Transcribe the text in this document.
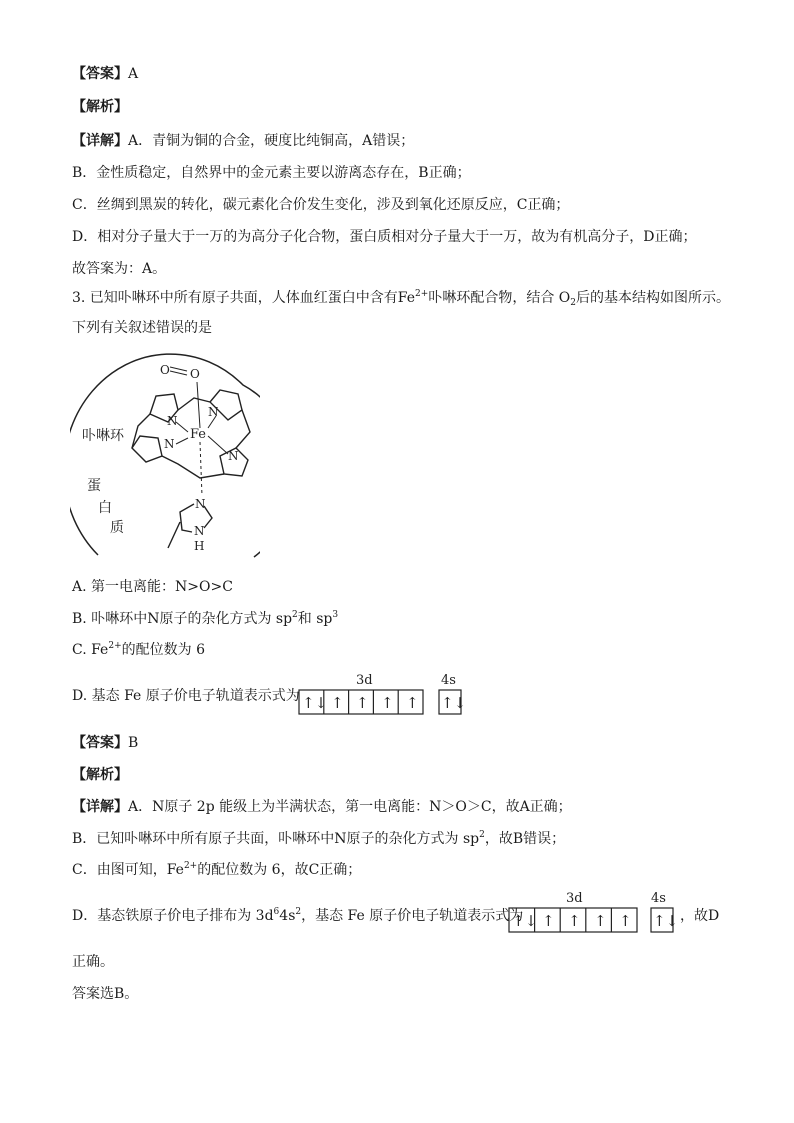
【答案】A
【解析】
【详解】A．青铜为铜的合金，硬度比纯铜高，A错误；
B．金性质稳定，自然界中的金元素主要以游离态存在，B正确；
C．丝绸到黑炭的转化，碳元素化合价发生变化，涉及到氧化还原反应，C正确；
D．相对分子量大于一万的为高分子化合物，蛋白质相对分子量大于一万，故为有机高分子，D正确；
故答案为：A。
3. 已知卟啉环中所有原子共面，人体血红蛋白中含有$Fe^{2+}$卟啉环配合物，结合 $O_2$后的基本结构如图所示。
下列有关叙述错误的是
O O
Fe
N
N
N
N
N
N
H
卟啉环
蛋
白
质
A. 第一电离能：N>O>C
B. 卟啉环中N原子的杂化方式为 $sp^2$和 $sp^3$
C. $Fe^{2+}$的配位数为 6
D. 基态 Fe 原子价电子轨道表示式为
3d	4s
↑↓ ↑ ↑ ↑ ↑ ↑↓
【答案】B
【解析】
【详解】A．N原子 2p 能级上为半满状态，第一电离能：N＞O＞C，故A正确；
B．已知卟啉环中所有原子共面，卟啉环中N原子的杂化方式为 $sp^2$，故B错误；
C．由图可知，$Fe^{2+}$的配位数为 6，故C正确；
D．基态铁原子价电子排布为 $3d^64s^2$，基态 Fe 原子价电子轨道表示式为
3d	4s
↑↓ ↑ ↑ ↑ ↑ ↑↓ ，故D
正确。
答案选B。
